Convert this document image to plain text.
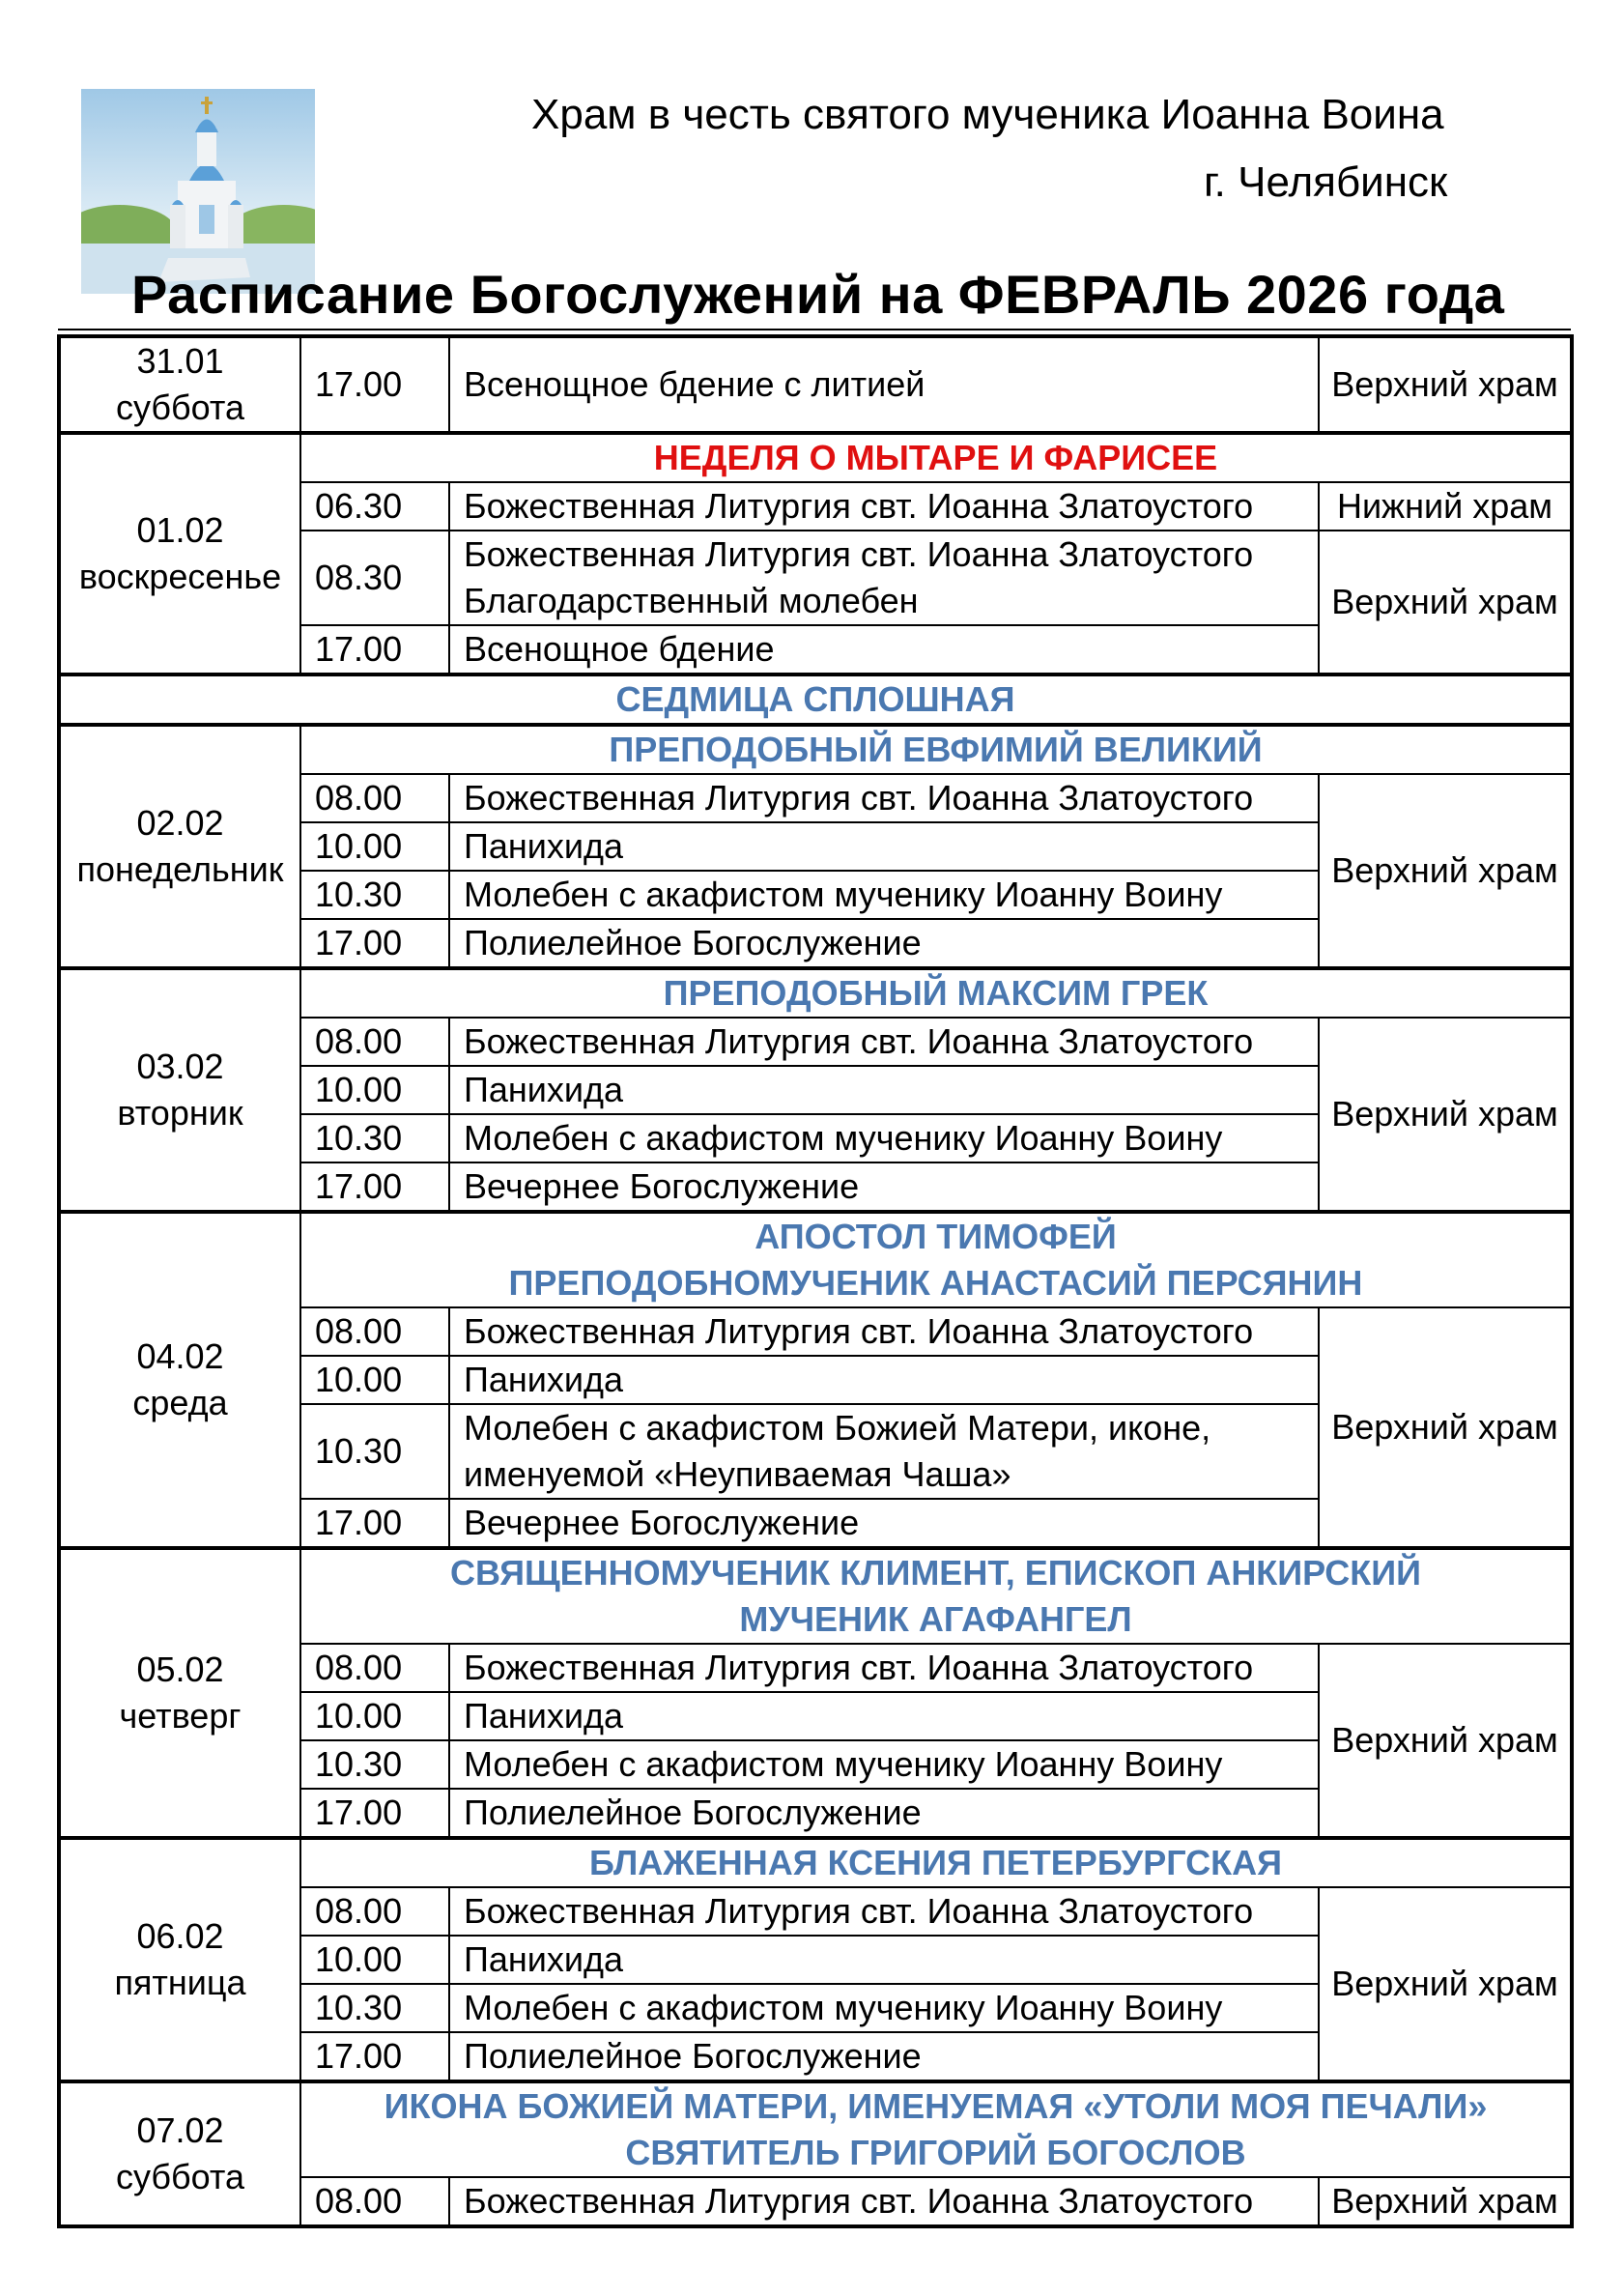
Храм в честь святого мученика Иоанна Воина
г. Челябинск
Расписание Богослужений на ФЕВРАЛЬ 2026 года
31.01
суббота	17.00	Всенощное бдение с литией	Верхний храм
01.02
воскресенье	НЕДЕЛЯ О МЫТАРЕ И ФАРИСЕЕ		
	06.30	Божественная Литургия свт. Иоанна Златоустого	Нижний храм
	08.30	Божественная Литургия свт. Иоанна Златоустого
Благодарственный молебен	Верхний храм
	17.00	Всенощное бдение	
СЕДМИЦА СПЛОШНАЯ			
02.02
понедельник	ПРЕПОДОБНЫЙ ЕВФИМИЙ ВЕЛИКИЙ		
	08.00	Божественная Литургия свт. Иоанна Златоустого	Верхний храм
	10.00	Панихида	
	10.30	Молебен с акафистом мученику Иоанну Воину	
	17.00	Полиелейное Богослужение	
03.02
вторник	ПРЕПОДОБНЫЙ МАКСИМ ГРЕК		
	08.00	Божественная Литургия свт. Иоанна Златоустого	Верхний храм
	10.00	Панихида	
	10.30	Молебен с акафистом мученику Иоанну Воину	
	17.00	Вечернее Богослужение	
04.02
среда	АПОСТОЛ ТИМОФЕЙ
ПРЕПОДОБНОМУЧЕНИК АНАСТАСИЙ ПЕРСЯНИН		
	08.00	Божественная Литургия свт. Иоанна Златоустого	Верхний храм
	10.00	Панихида	
	10.30	Молебен с акафистом Божией Матери, иконе,
именуемой «Неупиваемая Чаша»	
	17.00	Вечернее Богослужение	
05.02
четверг	СВЯЩЕННОМУЧЕНИК КЛИМЕНТ, ЕПИСКОП АНКИРСКИЙ
МУЧЕНИК АГАФАНГЕЛ		
	08.00	Божественная Литургия свт. Иоанна Златоустого	Верхний храм
	10.00	Панихида	
	10.30	Молебен с акафистом мученику Иоанну Воину	
	17.00	Полиелейное Богослужение	
06.02
пятница	БЛАЖЕННАЯ КСЕНИЯ ПЕТЕРБУРГСКАЯ		
	08.00	Божественная Литургия свт. Иоанна Златоустого	Верхний храм
	10.00	Панихида	
	10.30	Молебен с акафистом мученику Иоанну Воину	
	17.00	Полиелейное Богослужение	
07.02
суббота	ИКОНА БОЖИЕЙ МАТЕРИ, ИМЕНУЕМАЯ «УТОЛИ МОЯ ПЕЧАЛИ»
СВЯТИТЕЛЬ ГРИГОРИЙ БОГОСЛОВ		
	08.00	Божественная Литургия свт. Иоанна Златоустого	Верхний храм
